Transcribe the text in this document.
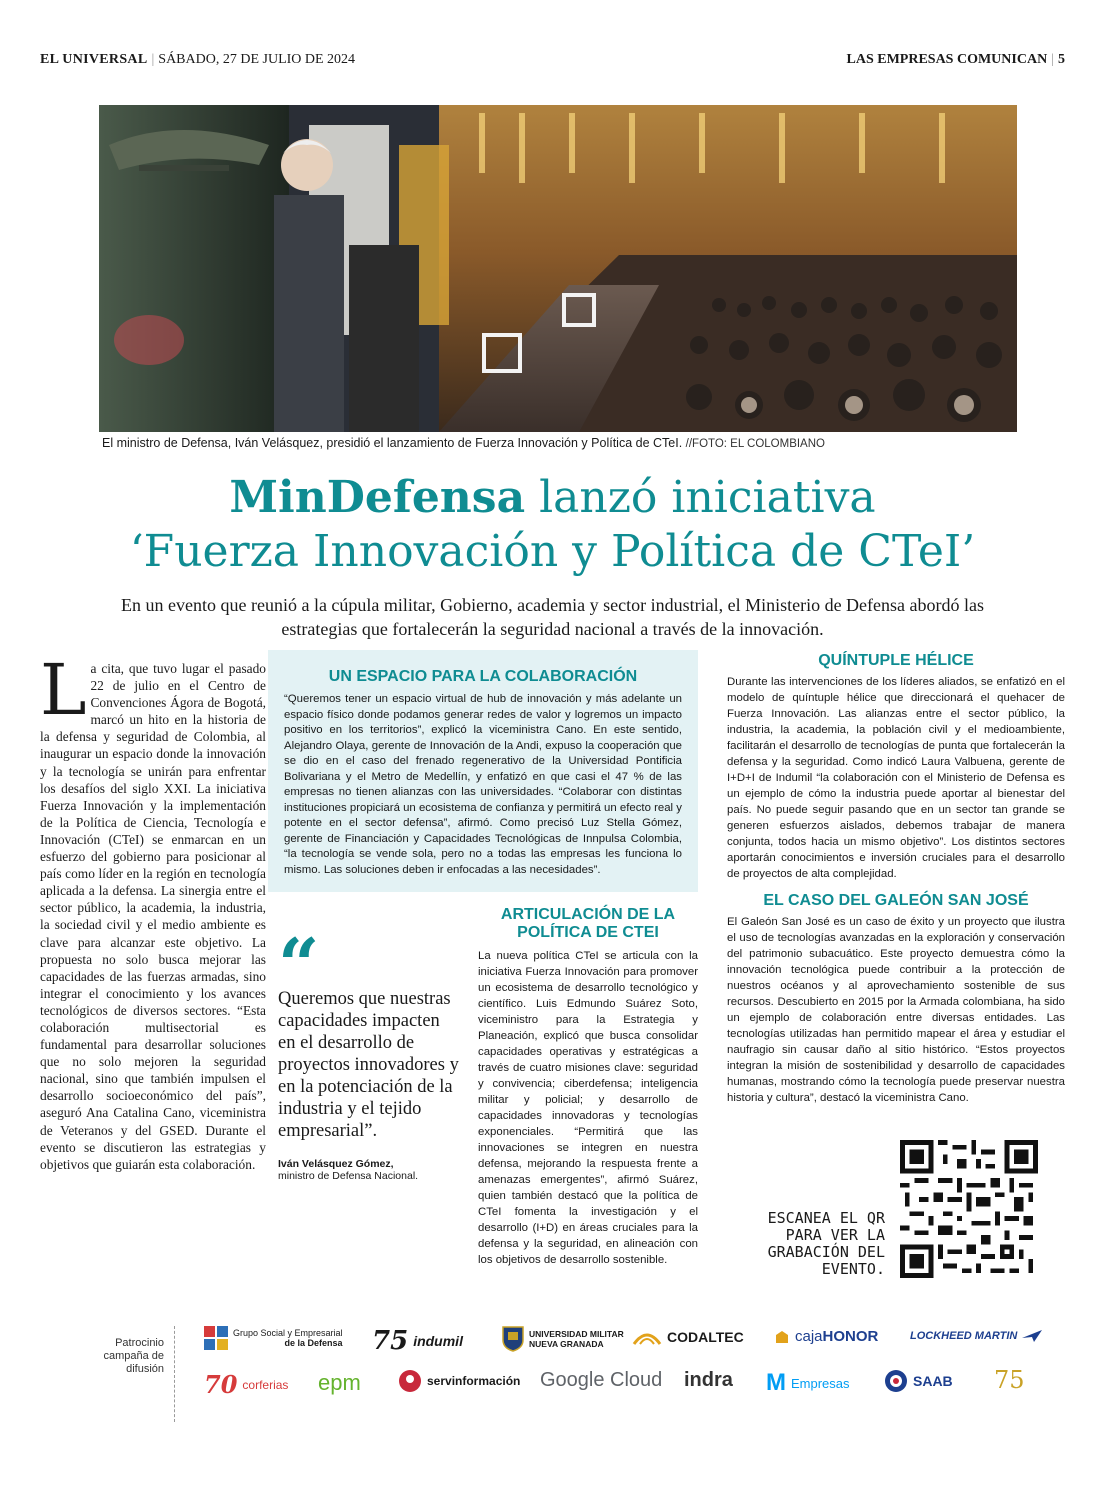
EL UNIVERSAL | SÁBADO, 27 DE JULIO DE 2024	LAS EMPRESAS COMUNICAN | 5
El ministro de Defensa, Iván Velásquez, presidió el lanzamiento de Fuerza Innovación y Política de CTeI. //FOTO: EL COLOMBIANO
MinDefensa lanzó iniciativa
‘Fuerza Innovación y Política de CTeI’
En un evento que reunió a la cúpula militar, Gobierno, academia y sector industrial, el Ministerio de Defensa abordó las estrategias que fortalecerán la seguridad nacional a través de la innovación.
La cita, que tuvo lugar el pasado 22 de julio en el Centro de Convenciones Ágora de Bogotá, marcó un hito en la historia de la defensa y seguridad de Colombia, al inaugurar un espacio donde la innovación y la tecnología se unirán para enfrentar los desafíos del siglo XXI. La iniciativa Fuerza Innovación y la implementación de la Política de Ciencia, Tecnología e Innovación (CTeI) se enmarcan en un esfuerzo del gobierno para posicionar al país como líder en la región en tecnología aplicada a la defensa. La sinergia entre el sector público, la academia, la industria, la sociedad civil y el medio ambiente es clave para alcanzar este objetivo. La propuesta no solo busca mejorar las capacidades de las fuerzas armadas, sino integrar el conocimiento y los avances tecnológicos de diversos sectores. “Esta colaboración multisectorial es fundamental para desarrollar soluciones que no solo mejoren la seguridad nacional, sino que también impulsen el desarrollo socioeconómico del país”, aseguró Ana Catalina Cano, viceministra de Veteranos y del GSED. Durante el evento se discutieron las estrategias y objetivos que guiarán esta colaboración.
UN ESPACIO PARA LA COLABORACIÓN
“Queremos tener un espacio virtual de hub de innovación y más adelante un espacio físico donde podamos generar redes de valor y logremos un impacto positivo en los territorios”, explicó la viceministra Cano. En este sentido, Alejandro Olaya, gerente de Innovación de la Andi, expuso la cooperación que se dio en el caso del frenado regenerativo de la Universidad Pontificia Bolivariana y el Metro de Medellín, y enfatizó en que casi el 47 % de las empresas no tienen alianzas con las universidades. “Colaborar con distintas instituciones propiciará un ecosistema de confianza y permitirá un efecto real y potente en el sector defensa”, afirmó. Como precisó Luz Stella Gómez, gerente de Financiación y Capacidades Tecnológicas de Innpulsa Colombia, “la tecnología se vende sola, pero no a todas las empresas les funciona lo mismo. Las soluciones deben ir enfocadas a las necesidades”.
“
Queremos que nuestras capacidades impacten en el desarrollo de proyectos innovadores y en la potenciación de la industria y el tejido empresarial”.
Iván Velásquez Gómez,
ministro de Defensa Nacional.
ARTICULACIÓN DE LA POLÍTICA DE CTEI
La nueva política CTeI se articula con la iniciativa Fuerza Innovación para promover un ecosistema de desarrollo tecnológico y científico. Luis Edmundo Suárez Soto, viceministro para la Estrategia y Planeación, explicó que busca consolidar capacidades operativas y estratégicas a través de cuatro misiones clave: seguridad y convivencia; ciberdefensa; inteligencia militar y policial; y desarrollo de capacidades innovadoras y tecnologías exponenciales. “Permitirá que las innovaciones se integren en nuestra defensa, mejorando la respuesta frente a amenazas emergentes”, afirmó Suárez, quien también destacó que la política de CTeI fomenta la investigación y el desarrollo (I+D) en áreas cruciales para la defensa y la seguridad, en alineación con los objetivos de desarrollo sostenible.
QUÍNTUPLE HÉLICE
Durante las intervenciones de los líderes aliados, se enfatizó en el modelo de quíntuple hélice que direccionará el quehacer de Fuerza Innovación. Las alianzas entre el sector público, la industria, la academia, la población civil y el medioambiente, facilitarán el desarrollo de tecnologías de punta que fortalecerán la defensa y la seguridad. Como indicó Laura Valbuena, gerente de I+D+I de Indumil “la colaboración con el Ministerio de Defensa es un ejemplo de cómo la industria puede aportar al bienestar del país. No puede seguir pasando que en un sector tan grande se generen esfuerzos aislados, debemos trabajar de manera conjunta, todos hacia un mismo objetivo”. Los distintos sectores aportarán conocimientos e inversión cruciales para el desarrollo de proyectos de alta complejidad.
EL CASO DEL GALEÓN SAN JOSÉ
El Galeón San José es un caso de éxito y un proyecto que ilustra el uso de tecnologías avanzadas en la exploración y conservación del patrimonio subacuático. Este proyecto demuestra cómo la innovación tecnológica puede contribuir a la protección de nuestros océanos y al aprovechamiento sostenible de sus recursos. Descubierto en 2015 por la Armada colombiana, ha sido un ejemplo de colaboración entre diversas entidades. Las tecnologías utilizadas han permitido mapear el área y estudiar el naufragio sin causar daño al sitio histórico. “Estos proyectos integran la misión de sostenibilidad y desarrollo de capacidades humanas, mostrando cómo la tecnología puede preservar nuestra historia y cultura”, destacó la viceministra Cano.
ESCANEA EL QR PARA VER LA GRABACIÓN DEL EVENTO.
Patrocinio campaña de difusión
Grupo Social y Empresarial
de la Defensa 75 indumil	UNIVERSIDAD MILITAR
NUEVA GRANADA	CODALTEC	caja HONOR	LOCKHEED MARTIN
70 corferias epm	servinformación Google Cloud indra M Empresas	SAAB 75
